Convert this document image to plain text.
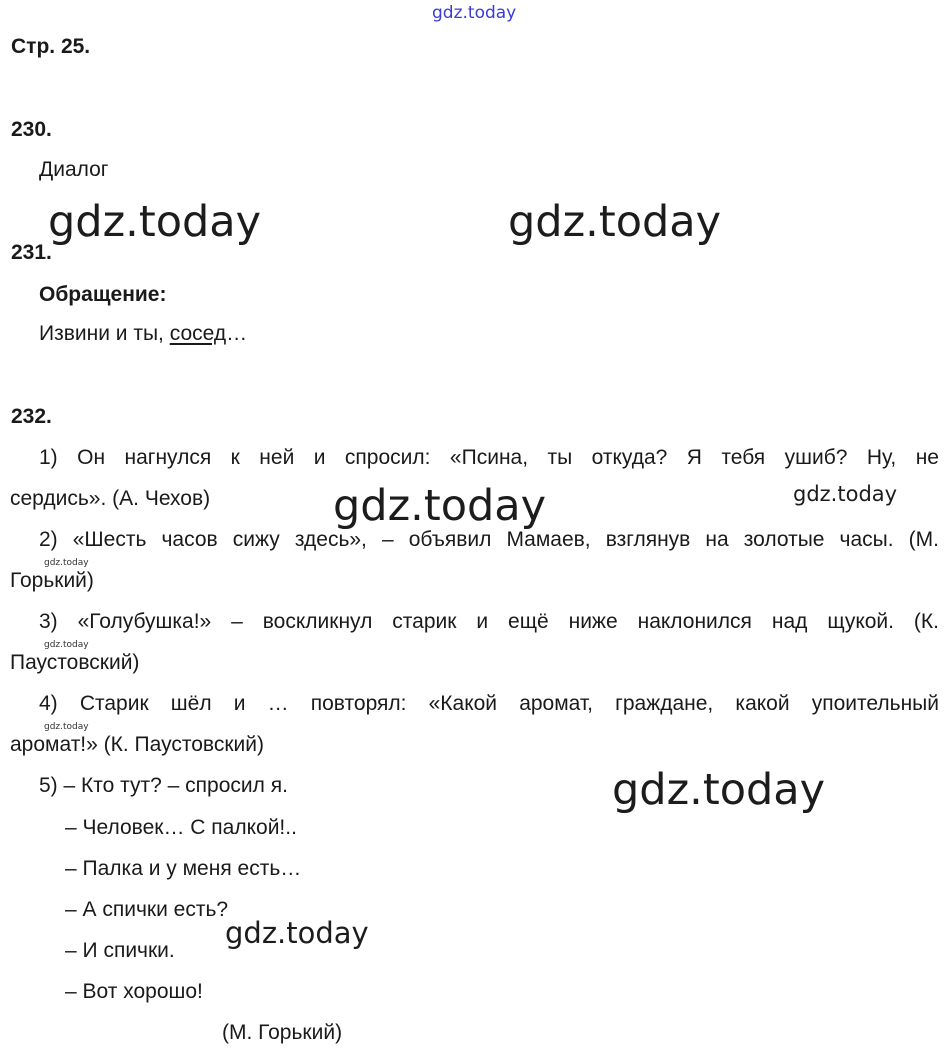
gdz.today
Стр. 25.
230.
Диалог
231.
Обращение:
Извини и ты, сосед…
232.
1) Он нагнулся к ней и спросил: «Псина, ты откуда? Я тебя ушиб? Ну, не
сердись». (А. Чехов)
2) «Шесть часов сижу здесь», – объявил Мамаев, взглянув на золотые часы. (М.
Горький)
3) «Голубушка!» – воскликнул старик и ещё ниже наклонился над щукой. (К.
Паустовский)
4) Старик шёл и … повторял: «Какой аромат, граждане, какой упоительный
аромат!» (К. Паустовский)
5) – Кто тут? – спросил я.
– Человек… С палкой!..
– Палка и у меня есть…
– А спички есть?
– И спички.
– Вот хорошо!
(М. Горький)
gdz.today	gdz.today
gdz.today	gdz.today
gdz.today
gdz.today
gdz.today
gdz.today
gdz.today
